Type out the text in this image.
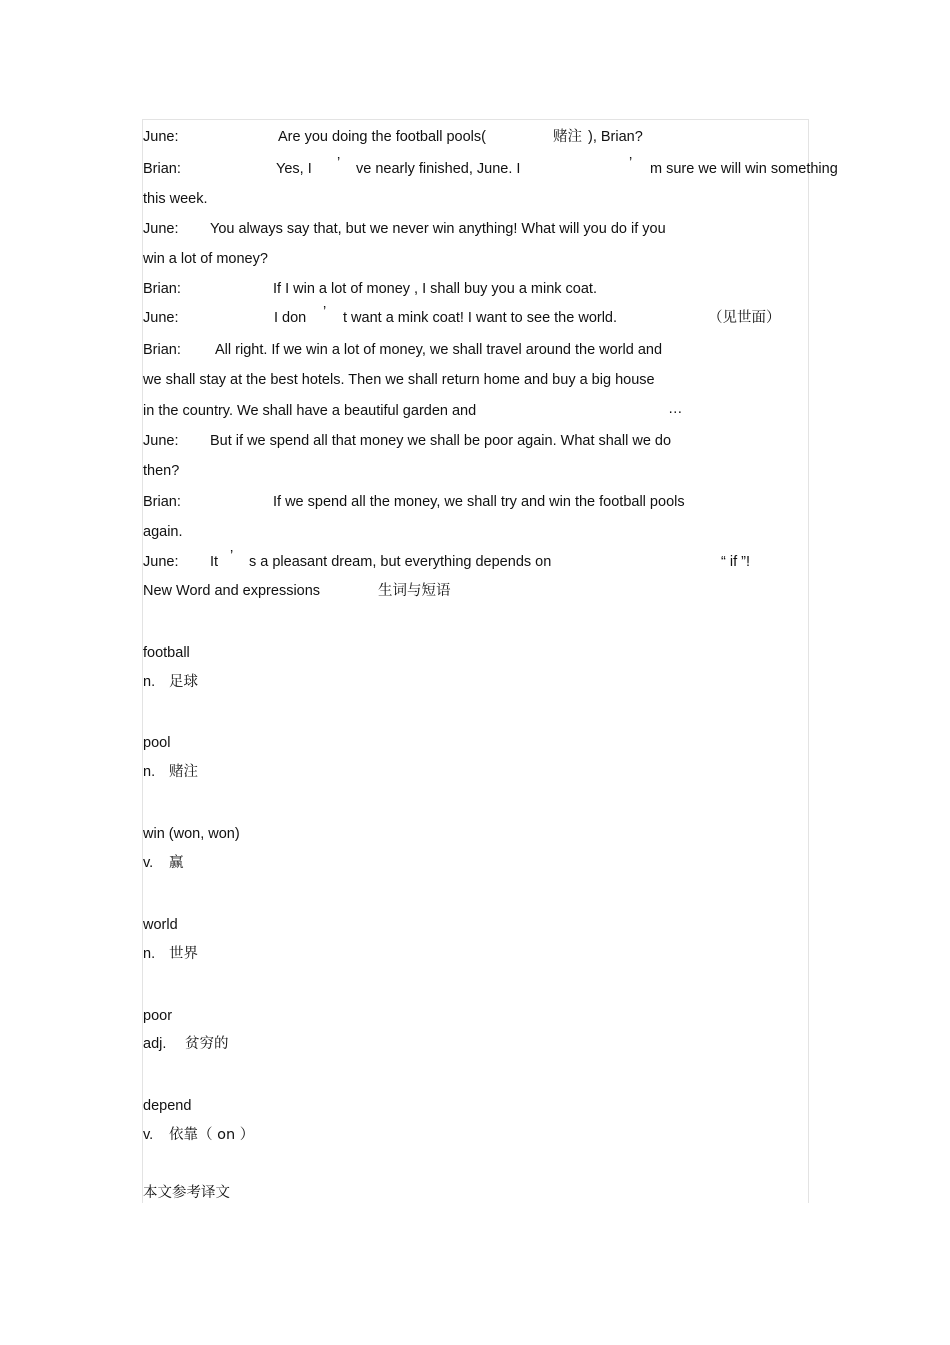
June:	Are you doing the football pools(	赌注 ), Brian?
Brian:	Yes, I ’ ve nearly finished, June. I	’ m sure we will win something
this week.
June: You always say that, but we never win anything! What will you do if you
win a lot of money?
Brian:	If I win a lot of money , I shall buy you a mink coat.
June:	I don ’ t want a mink coat! I want to see the world.	（见世面）
Brian: All right. If we win a lot of money, we shall travel around the world and
we shall stay at the best hotels. Then we shall return home and buy a big house
in the country. We shall have a beautiful garden and	…
June: But if we spend all that money we shall be poor again. What shall we do
then?
Brian:	If we spend all the money, we shall try and win the football pools
again.
June: It ’ s a pleasant dream, but everything depends on	“ if ”!
New Word and expressions	生词与短语
football
n. 足球
pool
n. 赌注
win (won, won)
v. 赢
world
n. 世界
poor
adj. 贫穷的
depend
v. 依靠（ on ）
本文参考译文
